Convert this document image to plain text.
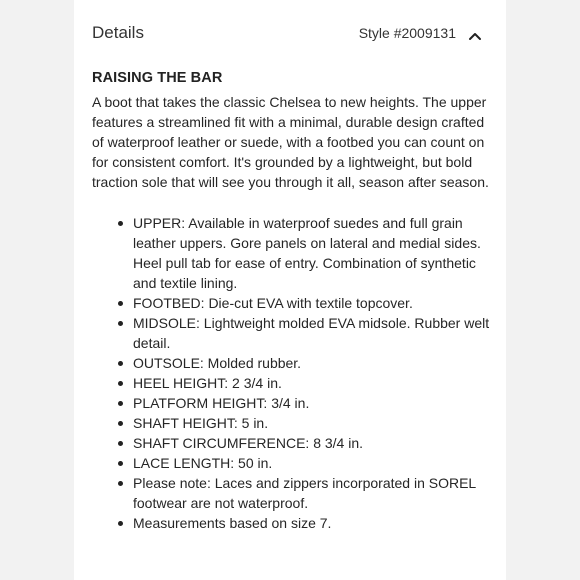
Details	Style #2009131
RAISING THE BAR

A boot that takes the classic Chelsea to new heights. The upper features a streamlined fit with a minimal, durable design crafted of waterproof leather or suede, with a footbed you can count on for consistent comfort. It's grounded by a lightweight, but bold traction sole that will see you through it all, season after season.

UPPER: Available in waterproof suedes and full grain leather uppers. Gore panels on lateral and medial sides. Heel pull tab for ease of entry. Combination of synthetic and textile lining.
FOOTBED: Die-cut EVA with textile topcover.
MIDSOLE: Lightweight molded EVA midsole. Rubber welt detail.
OUTSOLE: Molded rubber.
HEEL HEIGHT: 2 3/4 in.
PLATFORM HEIGHT: 3/4 in.
SHAFT HEIGHT: 5 in.
SHAFT CIRCUMFERENCE: 8 3/4 in.
LACE LENGTH: 50 in.
Please note: Laces and zippers incorporated in SOREL footwear are not waterproof.
Measurements based on size 7.
